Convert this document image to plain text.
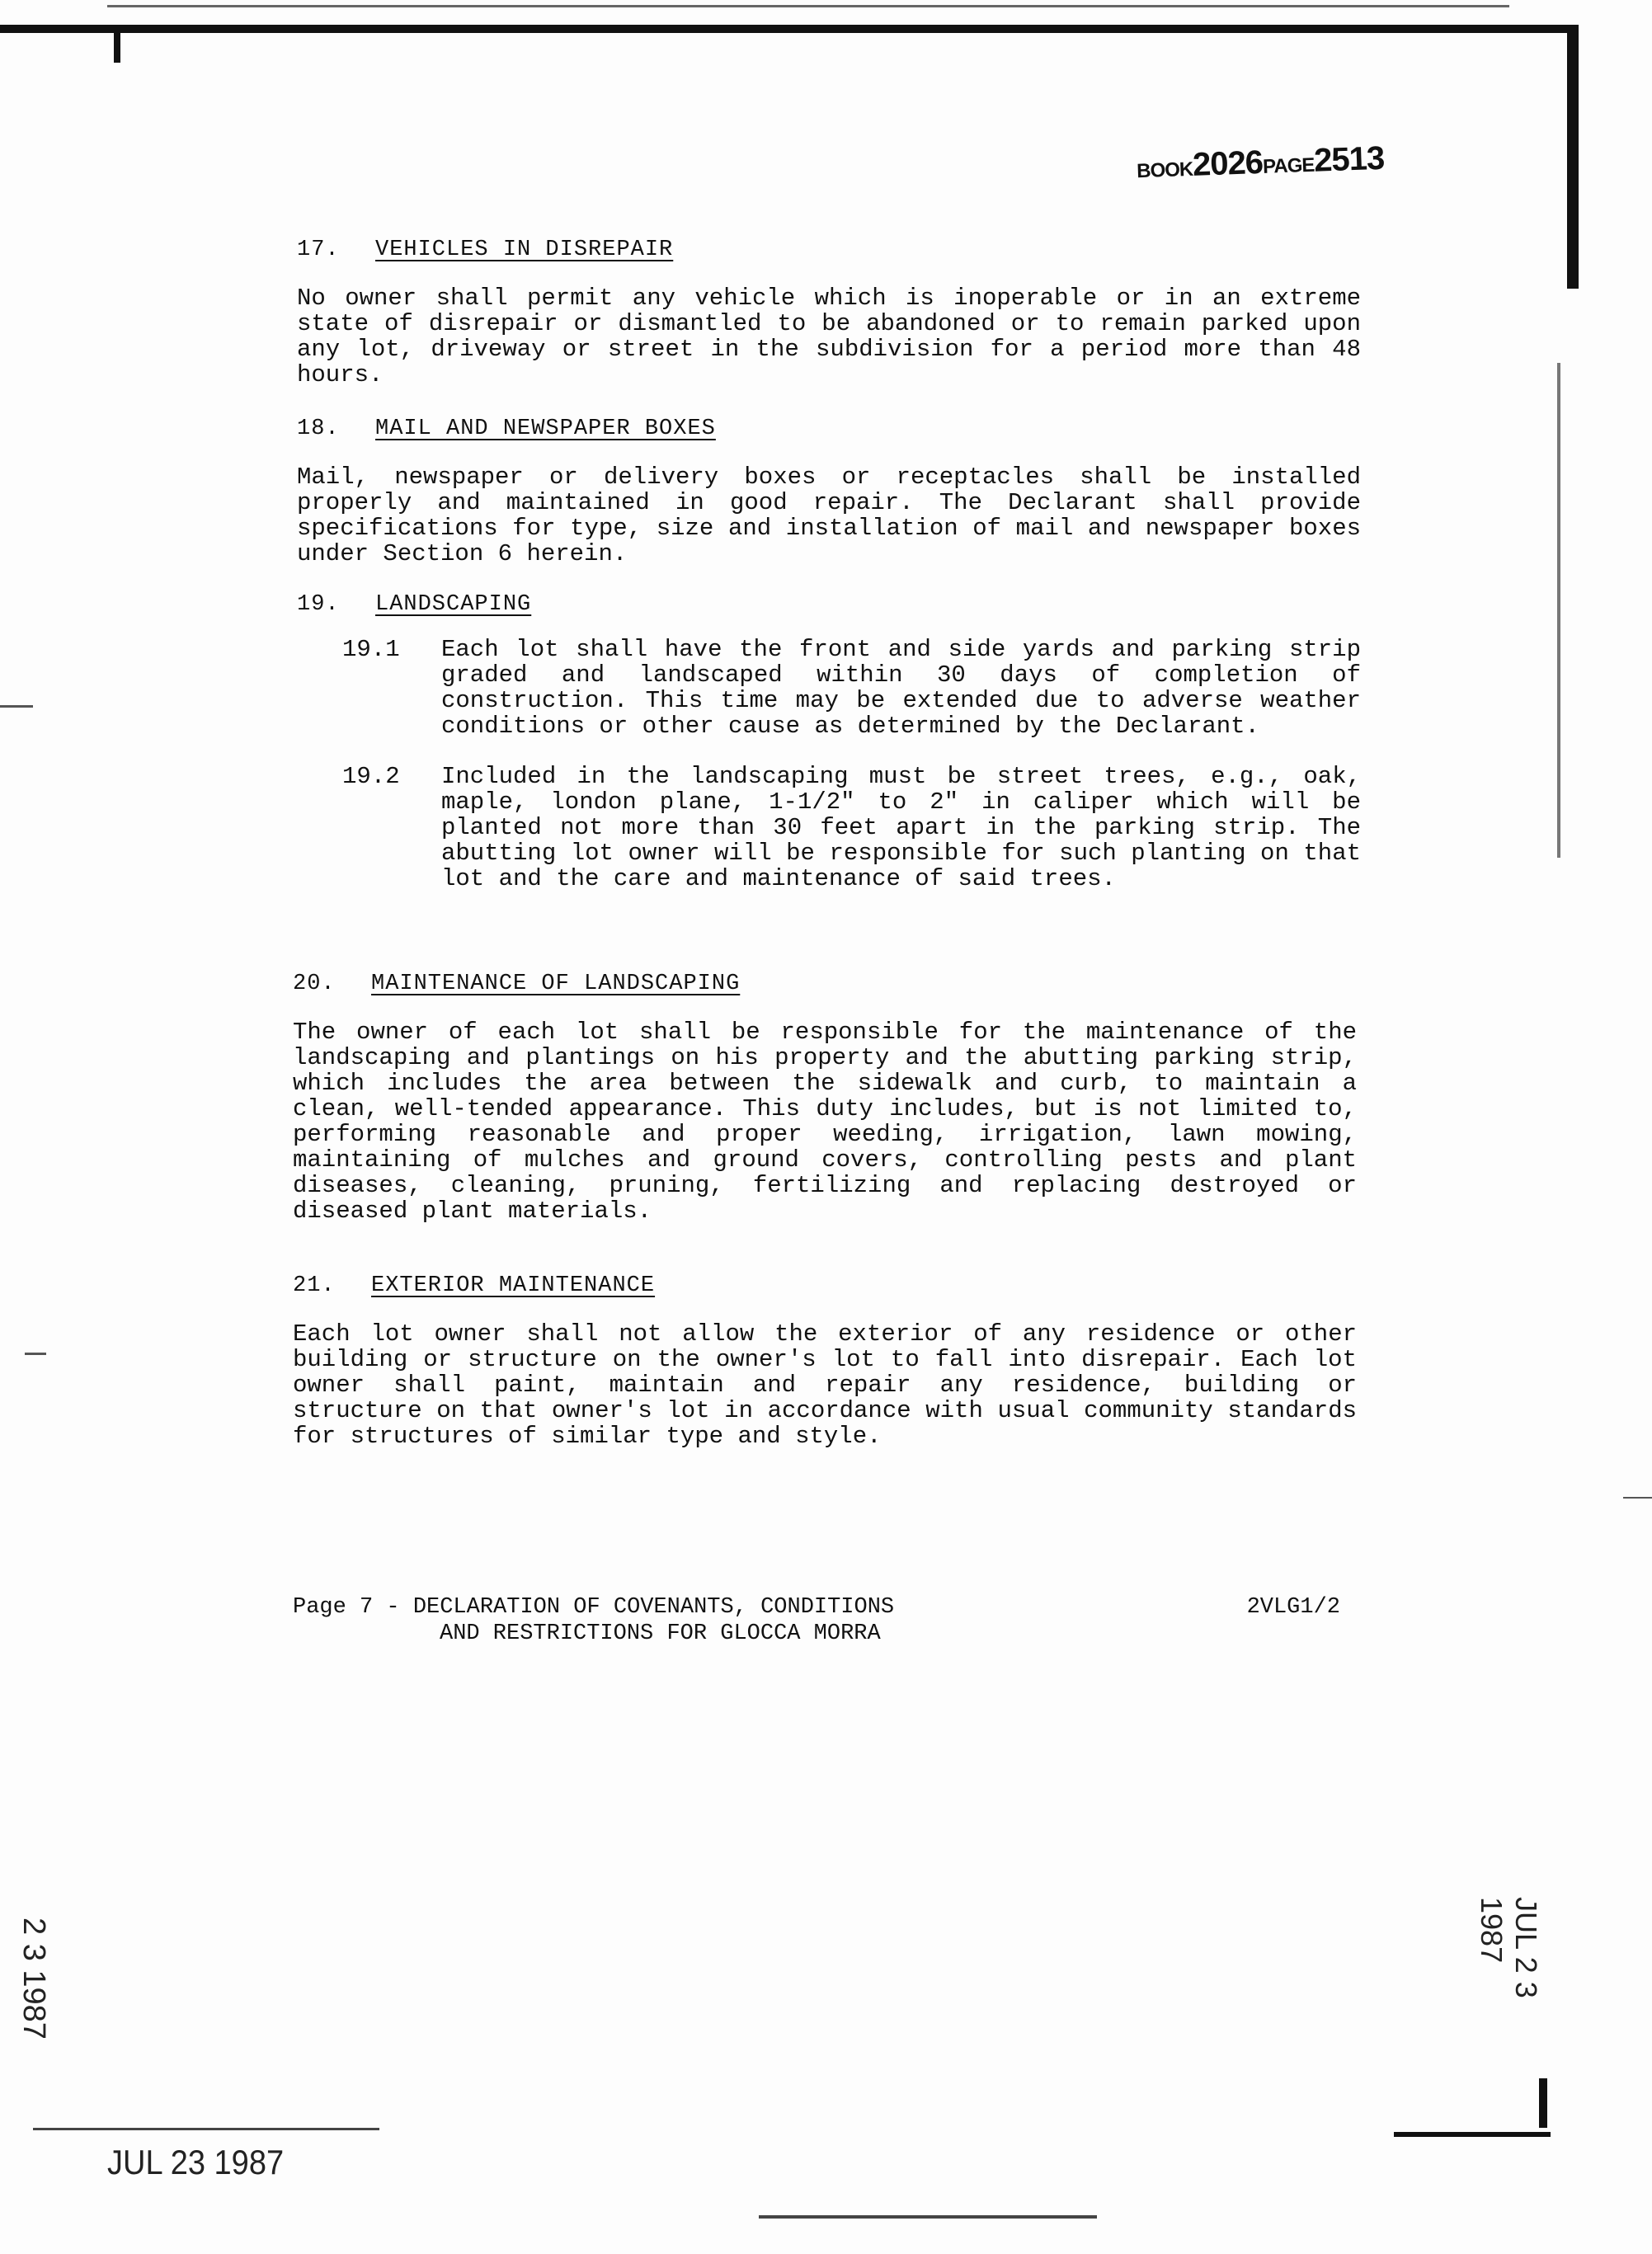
BOOK2026PAGE2513

17. VEHICLES IN DISREPAIR

No owner shall permit any vehicle which is inoperable or in an extreme state of disrepair or dismantled to be abandoned or to remain parked upon any lot, driveway or street in the subdivision for a period more than 48 hours.

18. MAIL AND NEWSPAPER BOXES

Mail, newspaper or delivery boxes or receptacles shall be installed properly and maintained in good repair. The Declarant shall provide specifications for type, size and installation of mail and newspaper boxes under Section 6 herein.

19. LANDSCAPING

19.1	Each lot shall have the front and side yards and parking strip graded and landscaped within 30 days of completion of construction. This time may be extended due to adverse weather conditions or other cause as determined by the Declarant.
19.2	Included in the landscaping must be street trees, e.g., oak, maple, london plane, 1-1/2" to 2" in caliper which will be planted not more than 30 feet apart in the parking strip. The abutting lot owner will be responsible for such planting on that lot and the care and maintenance of said trees.

20. MAINTENANCE OF LANDSCAPING

The owner of each lot shall be responsible for the maintenance of the landscaping and plantings on his property and the abutting parking strip, which includes the area between the sidewalk and curb, to maintain a clean, well-tended appearance. This duty includes, but is not limited to, performing reasonable and proper weeding, irrigation, lawn mowing, maintaining of mulches and ground covers, controlling pests and plant diseases, cleaning, pruning, fertilizing and replacing destroyed or diseased plant materials.

21. EXTERIOR MAINTENANCE

Each lot owner shall not allow the exterior of any residence or other building or structure on the owner's lot to fall into disrepair. Each lot owner shall paint, maintain and repair any residence, building or structure on that owner's lot in accordance with usual community standards for structures of similar type and style.

Page 7 - DECLARATION OF COVENANTS, CONDITIONS	2VLG1/2
AND RESTRICTIONS FOR GLOCCA MORRA
JUL 23 1987
2 3 1987	JUL 2 3 1987
